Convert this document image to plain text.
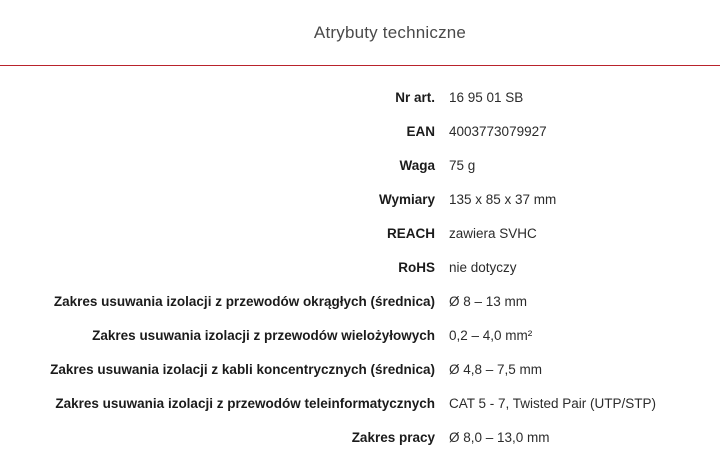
Atrybuty techniczne
Nr art.	16 95 01 SB
EAN	4003773079927
Waga	75 g
Wymiary	135 x 85 x 37 mm
REACH	zawiera SVHC
RoHS	nie dotyczy
Zakres usuwania izolacji z przewodów okrągłych (średnica)	Ø 8 – 13 mm
Zakres usuwania izolacji z przewodów wielożyłowych	0,2 – 4,0 mm²
Zakres usuwania izolacji z kabli koncentrycznych (średnica)	Ø 4,8 – 7,5 mm
Zakres usuwania izolacji z przewodów teleinformatycznych	CAT 5 - 7, Twisted Pair (UTP/STP)
Zakres pracy	Ø 8,0 – 13,0 mm
